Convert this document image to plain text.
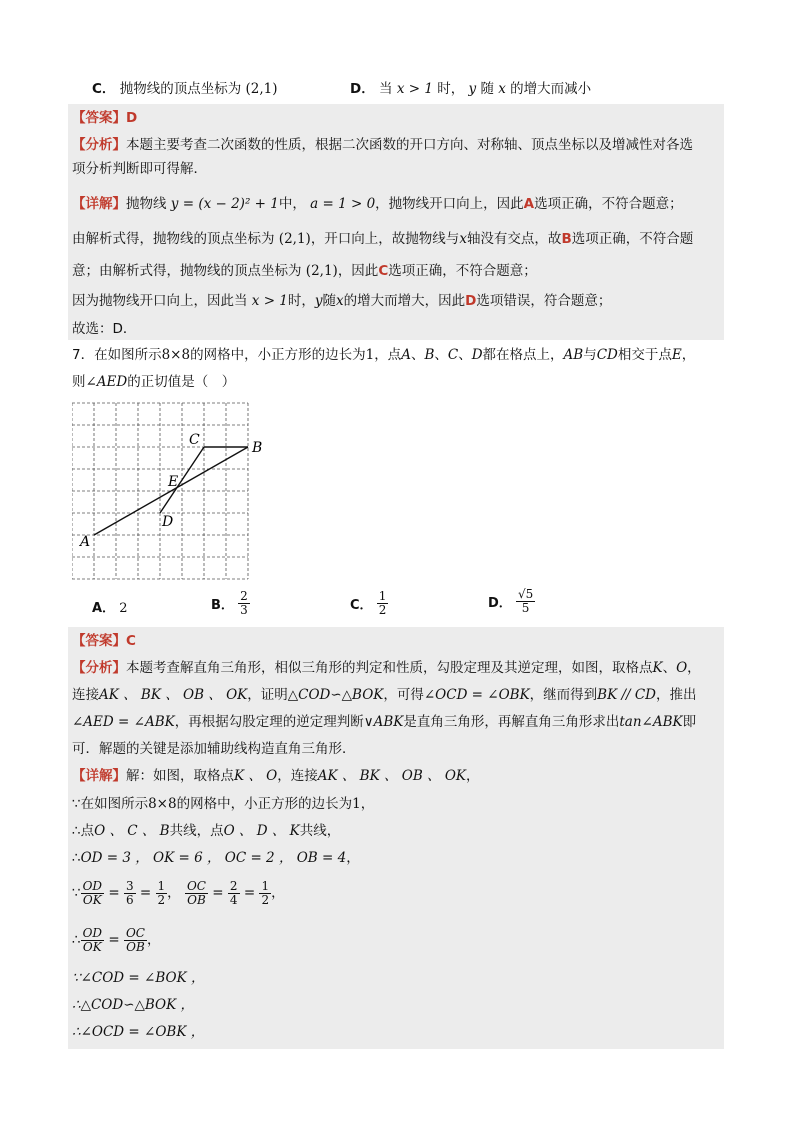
C． 抛物线的顶点坐标为 (2,1)	D． 当 x > 1 时， y 随 x 的增大而减小
【答案】D
【分析】本题主要考查二次函数的性质，根据二次函数的开口方向、对称轴、顶点坐标以及增减性对各选
项分析判断即可得解．
【详解】抛物线 y = (x − 2)² + 1中， a = 1 > 0，抛物线开口向上，因此A选项正确，不符合题意；
由解析式得，抛物线的顶点坐标为 (2,1)，开口向上，故抛物线与x轴没有交点，故B选项正确，不符合题
意；由解析式得，抛物线的顶点坐标为 (2,1)，因此C选项正确，不符合题意；
因为抛物线开口向上，因此当 x > 1时，y随x的增大而增大，因此D选项错误，符合题意；
故选：D．
7．在如图所示8×8的网格中，小正方形的边长为1，点A、B、C、D都在格点上，AB与CD相交于点E，
则∠AED的正切值是（　）
A
B
C
D
E
A． 2	B． $\frac{2}{3}$	C． $\frac{1}{2}$	D． $\frac{√5}{5}$
【答案】C
【分析】本题考查解直角三角形，相似三角形的判定和性质，勾股定理及其逆定理，如图，取格点K、O，
连接AK 、 BK 、 OB 、 OK，证明△COD∽△BOK，可得∠OCD = ∠OBK，继而得到BK // CD，推出
∠AED = ∠ABK，再根据勾股定理的逆定理判断∨ABK是直角三角形，再解直角三角形求出tan∠ABK即
可．解题的关键是添加辅助线构造直角三角形．
【详解】解：如图，取格点K 、 O，连接AK 、 BK 、 OB 、 OK，
∵在如图所示8×8的网格中，小正方形的边长为1，
∴点O 、 C 、 B共线，点O 、 D 、 K共线，
∴OD = 3 ， OK = 6 ， OC = 2 ， OB = 4，
∵ $\frac{OD}{OK} = \frac{3}{6} = \frac{1}{2}$ ， $\frac{OC}{OB} = \frac{2}{4} = \frac{1}{2}$ ，
∴ $\frac{OD}{OK} = \frac{OC}{OB}$ ，
∵∠COD = ∠BOK ，
∴△COD∽△BOK ，
∴∠OCD = ∠OBK ，
